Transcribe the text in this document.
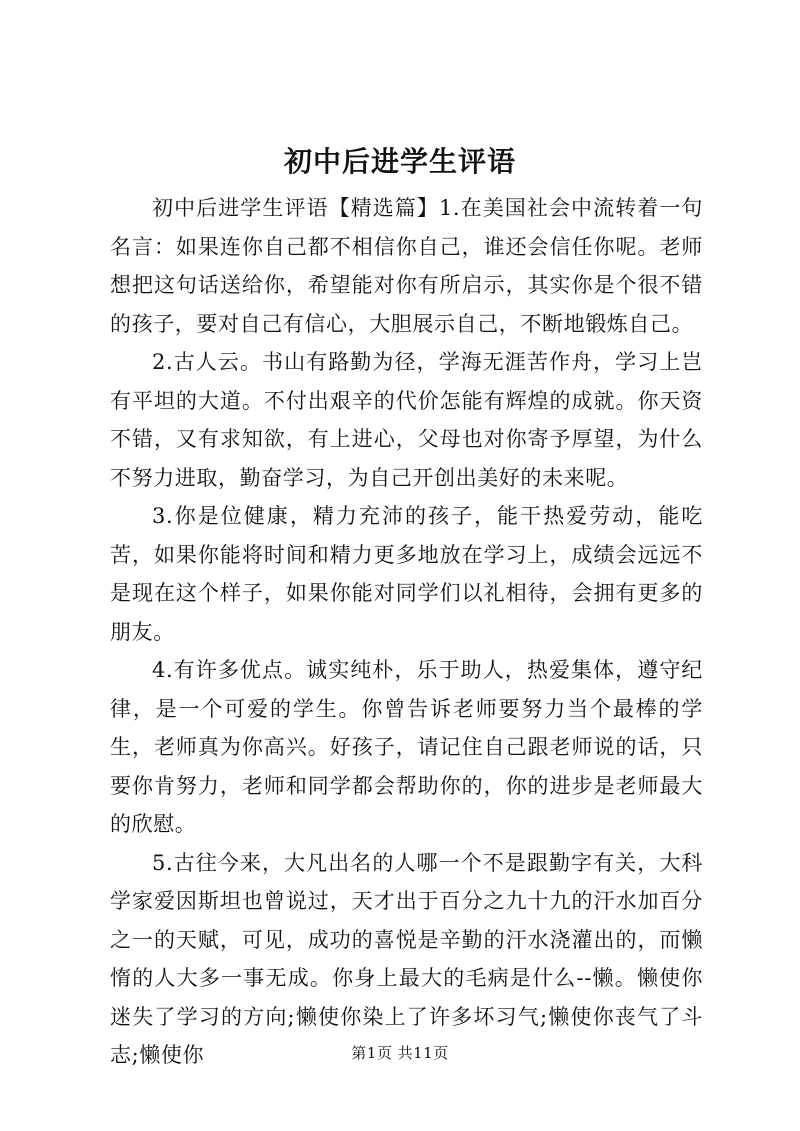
初中后进学生评语

初中后进学生评语【精选篇】1.在美国社会中流转着一句名言：如果连你自己都不相信你自己，谁还会信任你呢。老师想把这句话送给你，希望能对你有所启示，其实你是个很不错的孩子，要对自己有信心，大胆展示自己，不断地锻炼自己。

2.古人云。书山有路勤为径，学海无涯苦作舟，学习上岂有平坦的大道。不付出艰辛的代价怎能有辉煌的成就。你天资不错，又有求知欲，有上进心，父母也对你寄予厚望，为什么不努力进取，勤奋学习，为自己开创出美好的未来呢。

3.你是位健康，精力充沛的孩子，能干热爱劳动，能吃苦，如果你能将时间和精力更多地放在学习上，成绩会远远不是现在这个样子，如果你能对同学们以礼相待，会拥有更多的朋友。

4.有许多优点。诚实纯朴，乐于助人，热爱集体，遵守纪律，是一个可爱的学生。你曾告诉老师要努力当个最棒的学生，老师真为你高兴。好孩子，请记住自己跟老师说的话，只要你肯努力，老师和同学都会帮助你的，你的进步是老师最大的欣慰。

5.古往今来，大凡出名的人哪一个不是跟勤字有关，大科学家爱因斯坦也曾说过，天才出于百分之九十九的汗水加百分之一的天赋，可见，成功的喜悦是辛勤的汗水浇灌出的，而懒惰的人大多一事无成。你身上最大的毛病是什么--懒。懒使你迷失了学习的方向;懒使你染上了许多坏习气;懒使你丧气了斗志;懒使你	第1页 共11页
